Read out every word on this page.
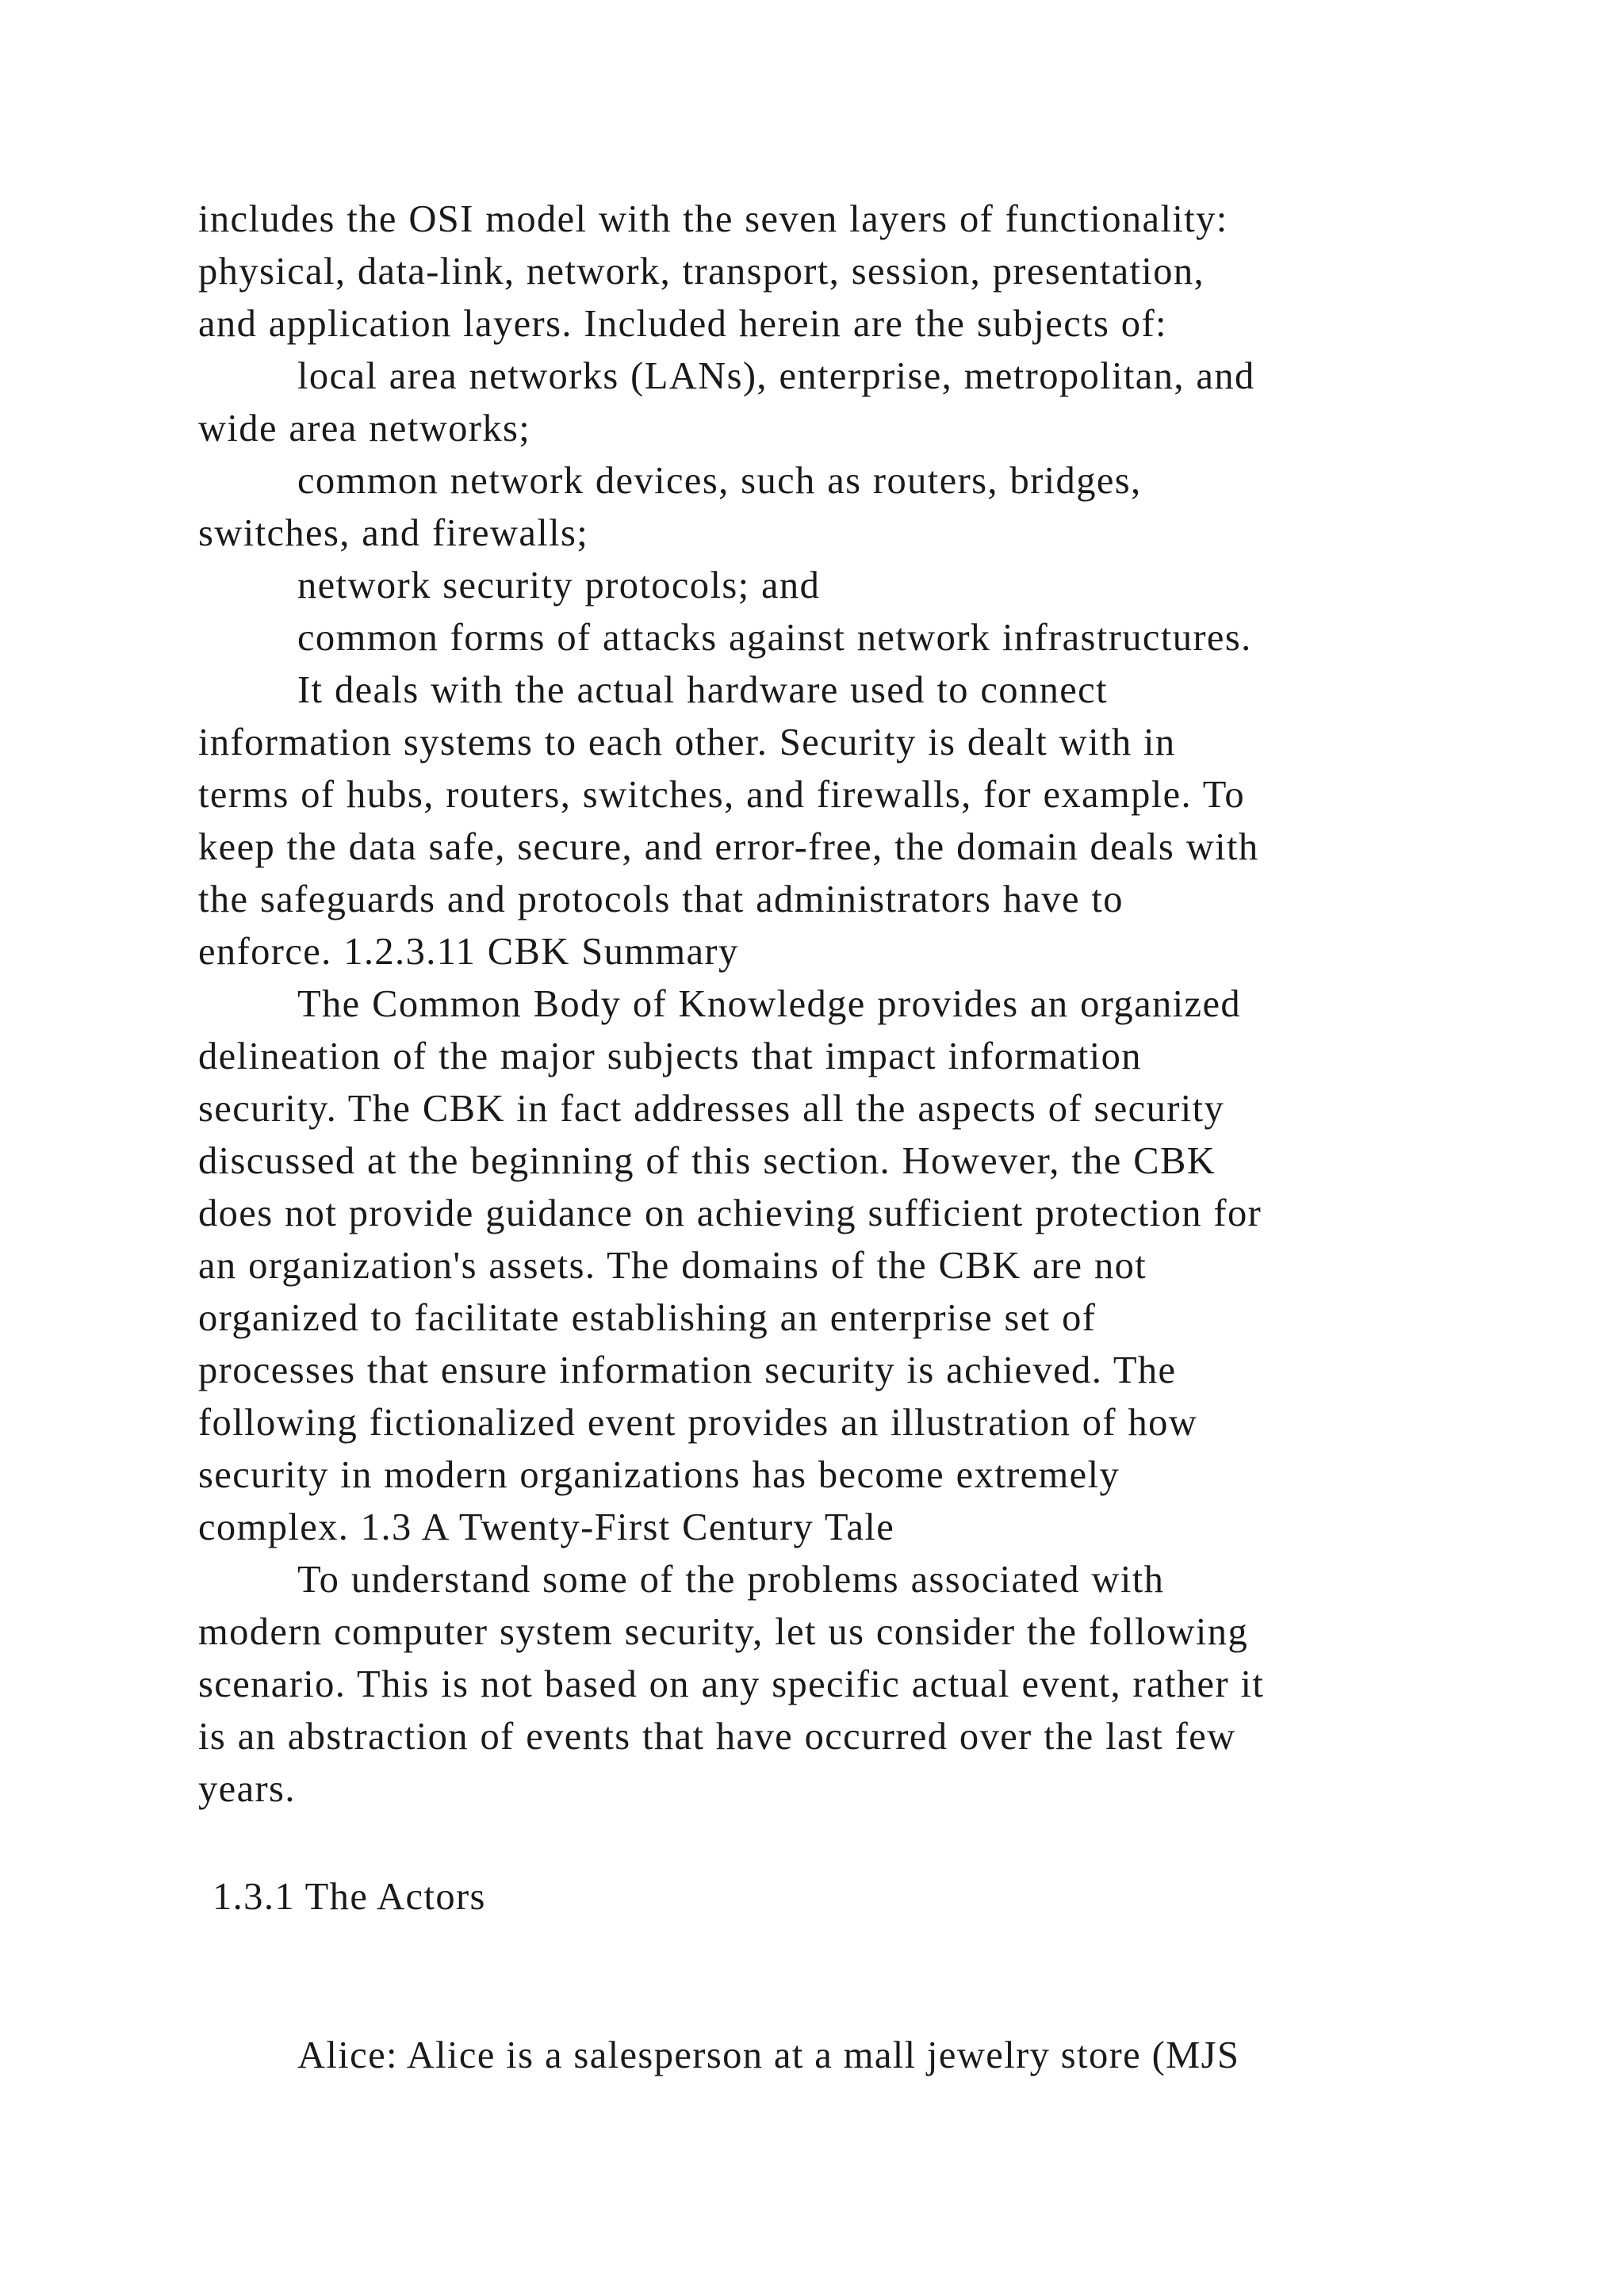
includes the OSI model with the seven layers of functionality:
physical, data-link, network, transport, session, presentation,
and application layers. Included herein are the subjects of:
local area networks (LANs), enterprise, metropolitan, and
wide area networks;
common network devices, such as routers, bridges,
switches, and firewalls;
network security protocols; and
common forms of attacks against network infrastructures.
It deals with the actual hardware used to connect
information systems to each other. Security is dealt with in
terms of hubs, routers, switches, and firewalls, for example. To
keep the data safe, secure, and error-free, the domain deals with
the safeguards and protocols that administrators have to
enforce. 1.2.3.11 CBK Summary
The Common Body of Knowledge provides an organized
delineation of the major subjects that impact information
security. The CBK in fact addresses all the aspects of security
discussed at the beginning of this section. However, the CBK
does not provide guidance on achieving sufficient protection for
an organization's assets. The domains of the CBK are not
organized to facilitate establishing an enterprise set of
processes that ensure information security is achieved. The
following fictionalized event provides an illustration of how
security in modern organizations has become extremely
complex. 1.3 A Twenty-First Century Tale
To understand some of the problems associated with
modern computer system security, let us consider the following
scenario. This is not based on any specific actual event, rather it
is an abstraction of events that have occurred over the last few
years.
1.3.1 The Actors
Alice: Alice is a salesperson at a mall jewelry store (MJS
